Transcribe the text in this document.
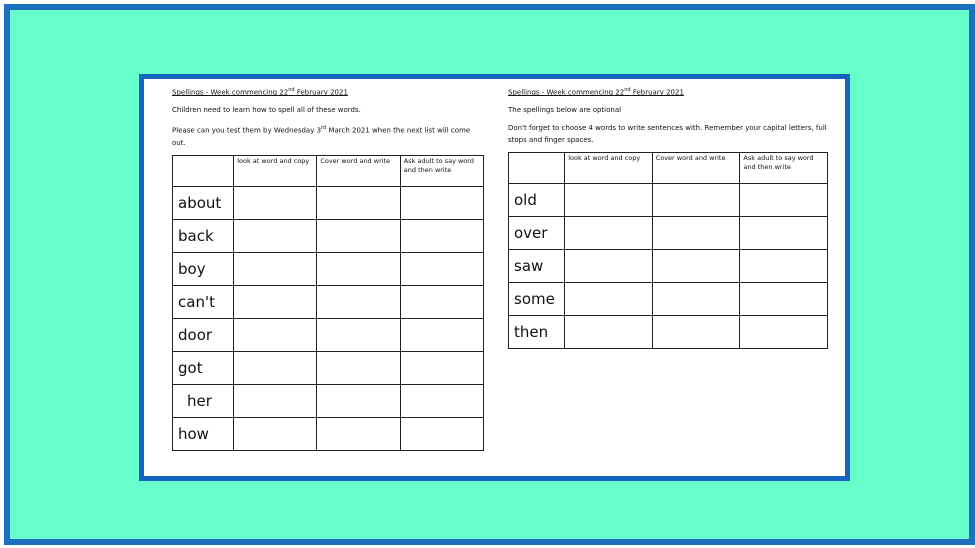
Spellings - Week commencing 22nd February 2021
Children need to learn how to spell all of these words.
Please can you test them by Wednesday 3rd March 2021 when the next list will come out.
	look at word and copy	Cover word and write	Ask adult to say word and then write
about			
back			
boy			
can't			
door			
got			
her			
how			
Spellings - Week commencing 22nd February 2021
The spellings below are optional
Don't forget to choose 4 words to write sentences with. Remember your capital letters, full stops and finger spaces.
	look at word and copy	Cover word and write	Ask adult to say word and then write
old			
over			
saw			
some			
then			
